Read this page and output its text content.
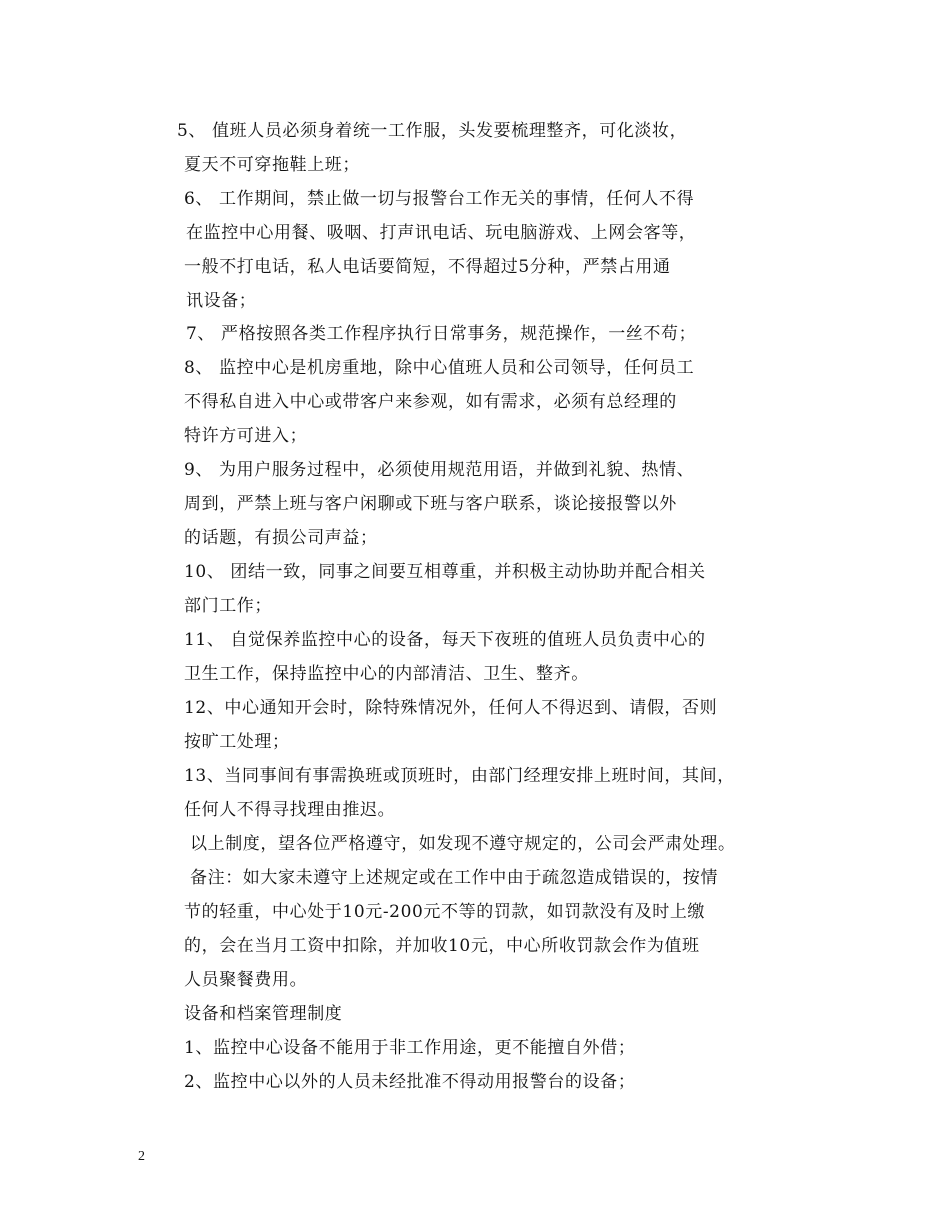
5、 值班人员必须身着统一工作服，头发要梳理整齐，可化淡妆，
夏天不可穿拖鞋上班；
6、 工作期间，禁止做一切与报警台工作无关的事情，任何人不得
在监控中心用餐、吸咽、打声讯电话、玩电脑游戏、上网会客等，
一般不打电话，私人电话要简短，不得超过5分种，严禁占用通
讯设备；
7、 严格按照各类工作程序执行日常事务，规范操作，一丝不苟；
8、 监控中心是机房重地，除中心值班人员和公司领导，任何员工
不得私自进入中心或带客户来参观，如有需求，必须有总经理的
特许方可进入；
9、 为用户服务过程中，必须使用规范用语，并做到礼貌、热情、
周到，严禁上班与客户闲聊或下班与客户联系，谈论接报警以外
的话题，有损公司声益；
10、 团结一致，同事之间要互相尊重，并积极主动协助并配合相关
部门工作；
11、 自觉保养监控中心的设备，每天下夜班的值班人员负责中心的
卫生工作，保持监控中心的内部清洁、卫生、整齐。
12、中心通知开会时，除特殊情况外，任何人不得迟到、请假，否则
按旷工处理；
13、当同事间有事需换班或顶班时，由部门经理安排上班时间，其间，
任何人不得寻找理由推迟。
以上制度，望各位严格遵守，如发现不遵守规定的，公司会严肃处理。
备注：如大家未遵守上述规定或在工作中由于疏忽造成错误的，按情
节的轻重，中心处于10元-200元不等的罚款，如罚款没有及时上缴
的，会在当月工资中扣除，并加收10元，中心所收罚款会作为值班
人员聚餐费用。
设备和档案管理制度
1、监控中心设备不能用于非工作用途，更不能擅自外借；
2、监控中心以外的人员未经批准不得动用报警台的设备；
2
